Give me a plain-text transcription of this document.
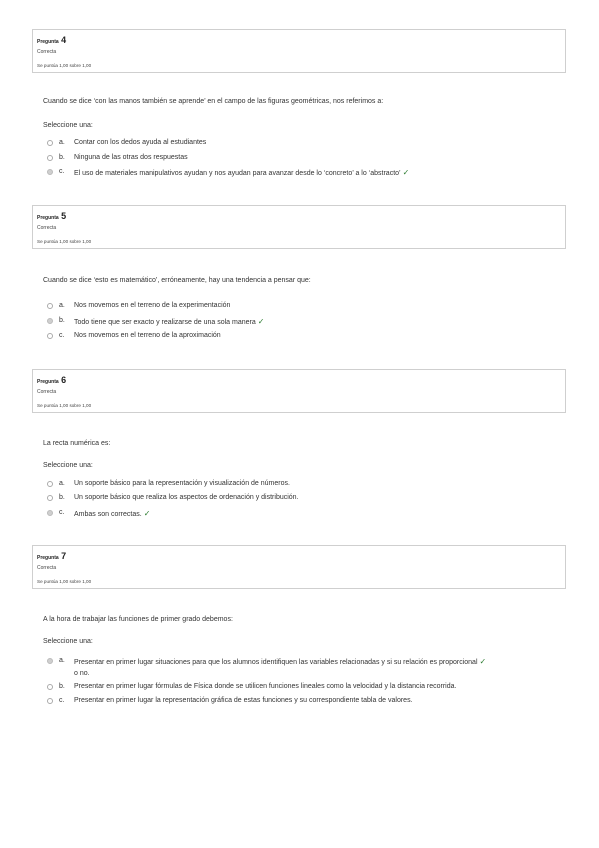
Pregunta 4
Correcta
Se puntúa 1,00 sobre 1,00
Cuando se dice ‘con las manos también se aprende’ en el campo de las figuras geométricas, nos referimos a:
Seleccione una:
a. Contar con los dedos ayuda al estudiantes
b. Ninguna de las otras dos respuestas
c. El uso de materiales manipulativos ayudan y nos ayudan para avanzar desde lo ‘concreto’ a lo ‘abstracto’ ✓
Pregunta 5
Correcta
Se puntúa 1,00 sobre 1,00
Cuando se dice ‘esto es matemático’, erróneamente, hay una tendencia a pensar que:
a. Nos movemos en el terreno de la experimentación
b. Todo tiene que ser exacto y realizarse de una sola manera ✓
c. Nos movemos en el terreno de la aproximación
Pregunta 6
Correcta
Se puntúa 1,00 sobre 1,00
La recta numérica es:
Seleccione una:
a. Un soporte básico para la representación y visualización de números.
b. Un soporte básico que realiza los aspectos de ordenación y distribución.
c. Ambas son correctas. ✓
Pregunta 7
Correcta
Se puntúa 1,00 sobre 1,00
A la hora de trabajar las funciones de primer grado debemos:
Seleccione una:
a. Presentar en primer lugar situaciones para que los alumnos identifiquen las variables relacionadas y si su relación es proporcional ✓
o no.
b. Presentar en primer lugar fórmulas de Física donde se utilicen funciones lineales como la velocidad y la distancia recorrida.
c. Presentar en primer lugar la representación gráfica de estas funciones y su correspondiente tabla de valores.
